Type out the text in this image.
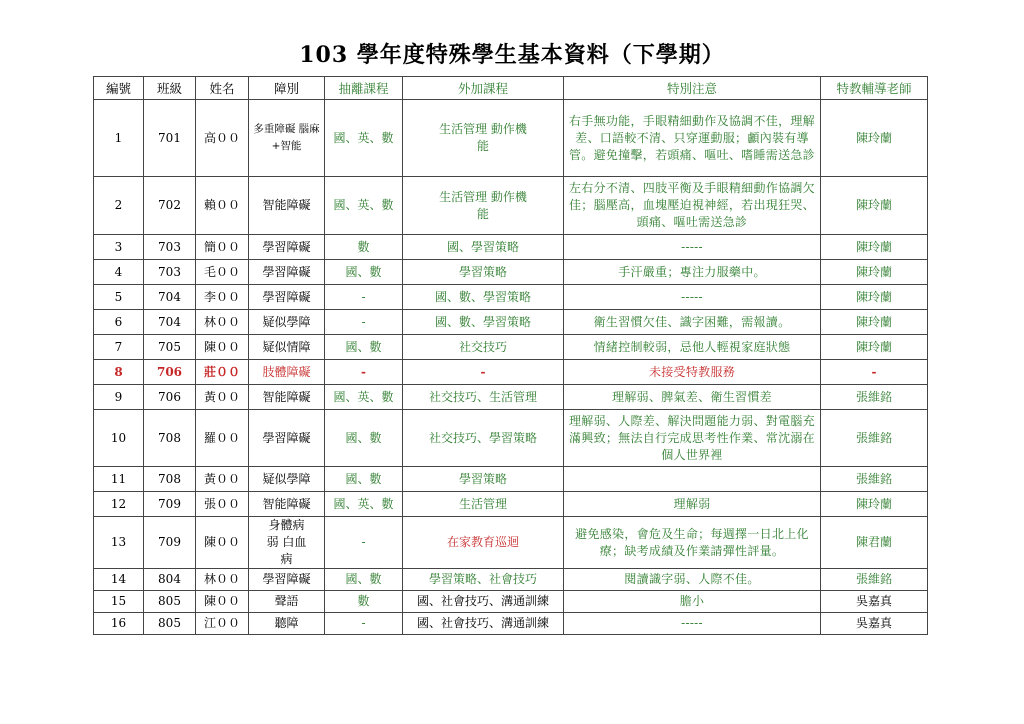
103 學年度特殊學生基本資料（下學期）
編號	班級	姓名	障別	抽離課程	外加課程	特別注意	特教輔導老師
1	701	高００	多重障礙 腦麻+智能	國、英、數	生活管理 動作機能	右手無功能，手眼精細動作及協調不佳，理解差、口語較不清、只穿運動服；顱內裝有導管。避免撞擊，若頭痛、嘔吐、嗜睡需送急診	陳玲蘭
2	702	賴００	智能障礙	國、英、數	生活管理 動作機能	左右分不清、四肢平衡及手眼精細動作協調欠佳；腦壓高，血塊壓迫視神經，若出現狂哭、頭痛、嘔吐需送急診	陳玲蘭
3	703	簡００	學習障礙	數	國、學習策略	-----	陳玲蘭
4	703	毛００	學習障礙	國、數	學習策略	手汗嚴重；專注力服藥中。	陳玲蘭
5	704	李００	學習障礙	-	國、數、學習策略	-----	陳玲蘭
6	704	林００	疑似學障	-	國、數、學習策略	衛生習慣欠佳、識字困難，需報讀。	陳玲蘭
7	705	陳００	疑似情障	國、數	社交技巧	情緒控制較弱，忌他人輕視家庭狀態	陳玲蘭
8	706	莊００	肢體障礙	-	-	未接受特教服務	-
9	706	黃００	智能障礙	國、英、數	社交技巧、生活管理	理解弱、脾氣差、衛生習慣差	張維銘
10	708	羅００	學習障礙	國、數	社交技巧、學習策略	理解弱、人際差、解決問題能力弱、對電腦充滿興致；無法自行完成思考性作業、常沈溺在個人世界裡	張維銘
11	708	黃００	疑似學障	國、數	學習策略		張維銘
12	709	張００	智能障礙	國、英、數	生活管理	理解弱	陳玲蘭
13	709	陳００	身體病弱 白血病	-	在家教育巡迴	避免感染，會危及生命；每週擇一日北上化療；缺考成績及作業請彈性評量。	陳君蘭
14	804	林００	學習障礙	國、數	學習策略、社會技巧	閱讀識字弱、人際不佳。	張維銘
15	805	陳００	聲語	數	國、社會技巧、溝通訓練	膽小	吳嘉真
16	805	江００	聽障	-	國、社會技巧、溝通訓練	-----	吳嘉真
